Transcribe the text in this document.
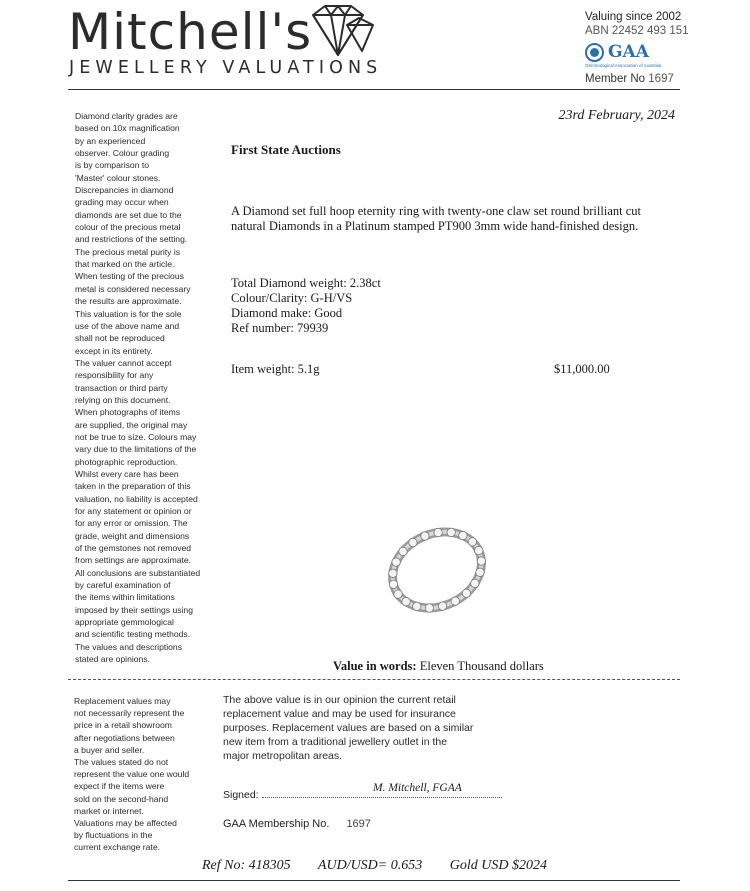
Mitchell's
JEWELLERY VALUATIONS
Valuing since 2002
ABN 22452 493 151
GAA
Gemmological Association of Australia
Member No 1697
Diamond clarity grades are
based on 10x magnification
by an experienced
observer. Colour grading
is by comparison to
'Master' colour stones.
Discrepancies in diamond
grading may occur when
diamonds are set due to the
colour of the precious metal
and restrictions of the setting.
The precious metal purity is
that marked on the article.
When testing of the precious
metal is considered necessary
the results are approximate.
This valuation is for the sole
use of the above name and
shall not be reproduced
except in its entirety.
The valuer cannot accept
responsibility for any
transaction or third party
relying on this document.
When photographs of items
are supplied, the original may
not be true to size. Colours may
vary due to the limitations of the
photographic reproduction.
Whilst every care has been
taken in the preparation of this
valuation, no liability is accepted
for any statement or opinion or
for any error or omission. The
grade, weight and dimensions
of the gemstones not removed
from settings are approximate.
All conclusions are substantiated
by careful examination of
the items within limitations
imposed by their settings using
appropriate gemmological
and scientific testing methods.
The values and descriptions
stated are opinions.
23rd February, 2024
First State Auctions
A Diamond set full hoop eternity ring with twenty-one claw set round brilliant cut natural Diamonds in a Platinum stamped PT900 3mm wide hand-finished design.
Total Diamond weight: 2.38ct
Colour/Clarity: G-H/VS
Diamond make: Good
Ref number: 79939
Item weight: 5.1g	$11,000.00
Value in words: Eleven Thousand dollars
Replacement values may
not necessarily represent the
price in a retail showroom
after negotiations between
a buyer and seller.
The values stated do not
represent the value one would
expect if the items were
sold on the second-hand
market or internet.
Valuations may be affected
by fluctuations in the
current exchange rate.
The above value is in our opinion the current retail
replacement value and may be used for insurance
purposes. Replacement values are based on a similar
new item from a traditional jewellery outlet in the
major metropolitan areas.
Signed:
M. Mitchell, FGAA
GAA Membership No. 1697
Ref No: 418305 AUD/USD= 0.653 Gold USD $2024
